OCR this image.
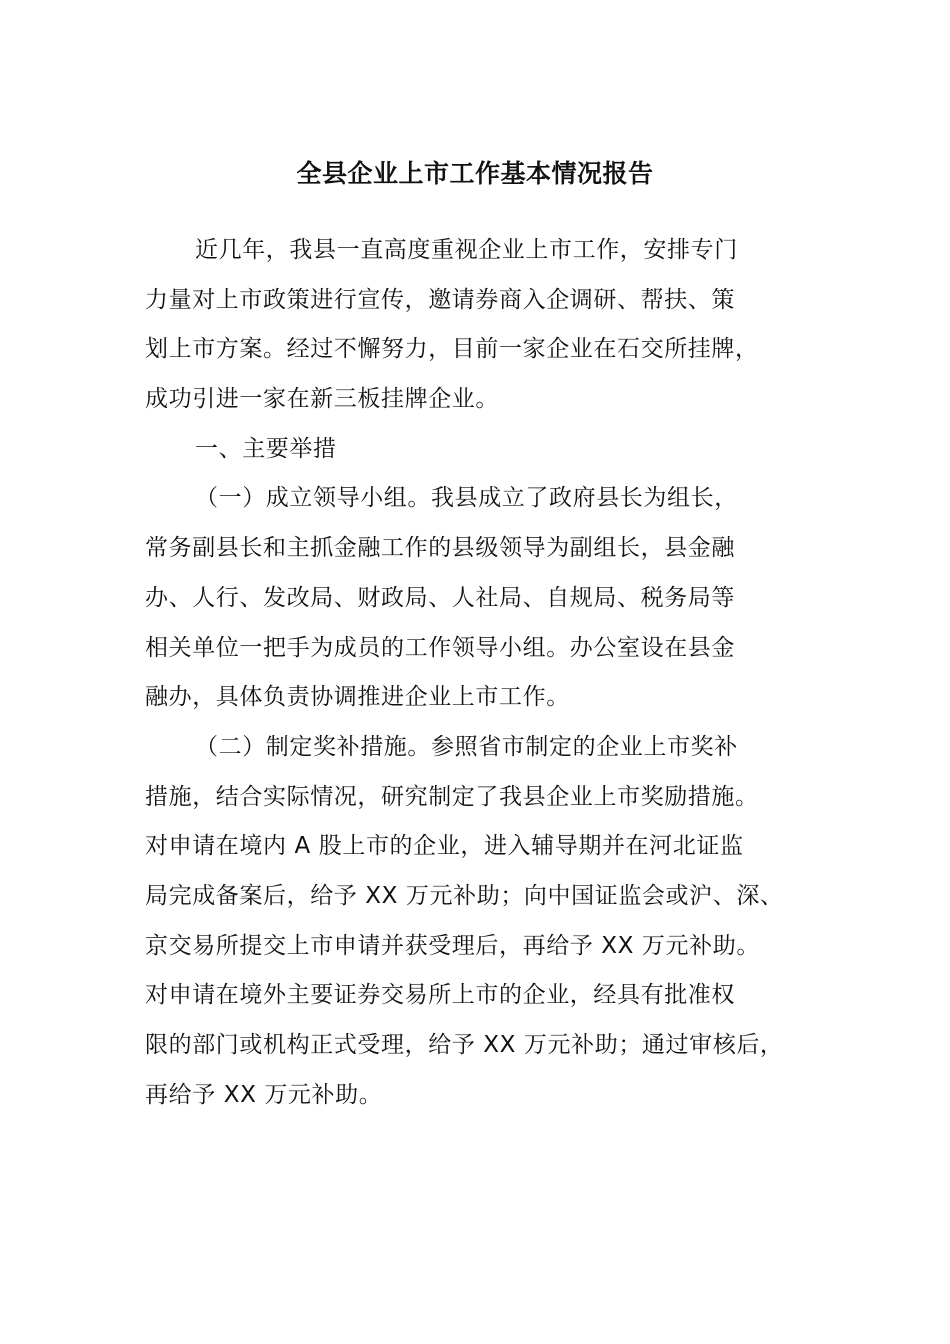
全县企业上市工作基本情况报告
近几年，我县一直高度重视企业上市工作，安排专门
力量对上市政策进行宣传，邀请券商入企调研、帮扶、策
划上市方案。经过不懈努力，目前一家企业在石交所挂牌，
成功引进一家在新三板挂牌企业。
一、主要举措
（一）成立领导小组。我县成立了政府县长为组长，
常务副县长和主抓金融工作的县级领导为副组长，县金融
办、人行、发改局、财政局、人社局、自规局、税务局等
相关单位一把手为成员的工作领导小组。办公室设在县金
融办，具体负责协调推进企业上市工作。
（二）制定奖补措施。参照省市制定的企业上市奖补
措施，结合实际情况，研究制定了我县企业上市奖励措施。
对申请在境内 A 股上市的企业，进入辅导期并在河北证监
局完成备案后，给予 XX 万元补助；向中国证监会或沪、深、
京交易所提交上市申请并获受理后，再给予 XX 万元补助。
对申请在境外主要证券交易所上市的企业，经具有批准权
限的部门或机构正式受理，给予 XX 万元补助；通过审核后，
再给予 XX 万元补助。
